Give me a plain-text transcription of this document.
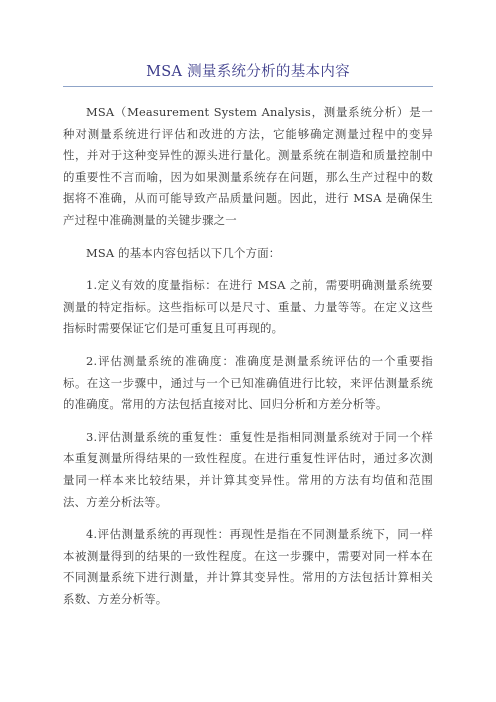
MSA 测量系统分析的基本内容

MSA（Measurement System Analysis，测量系统分析）是一种对测量系统进行评估和改进的方法，它能够确定测量过程中的变异性，并对于这种变异性的源头进行量化。测量系统在制造和质量控制中的重要性不言而喻，因为如果测量系统存在问题，那么生产过程中的数据将不准确，从而可能导致产品质量问题。因此，进行 MSA 是确保生产过程中准确测量的关键步骤之一

MSA 的基本内容包括以下几个方面：

1.定义有效的度量指标：在进行 MSA 之前，需要明确测量系统要测量的特定指标。这些指标可以是尺寸、重量、力量等等。在定义这些指标时需要保证它们是可重复且可再现的。

2.评估测量系统的准确度：准确度是测量系统评估的一个重要指标。在这一步骤中，通过与一个已知准确值进行比较，来评估测量系统的准确度。常用的方法包括直接对比、回归分析和方差分析等。

3.评估测量系统的重复性：重复性是指相同测量系统对于同一个样本重复测量所得结果的一致性程度。在进行重复性评估时，通过多次测量同一样本来比较结果，并计算其变异性。常用的方法有均值和范围法、方差分析法等。

4.评估测量系统的再现性：再现性是指在不同测量系统下，同一样本被测量得到的结果的一致性程度。在这一步骤中，需要对同一样本在不同测量系统下进行测量，并计算其变异性。常用的方法包括计算相关系数、方差分析等。
